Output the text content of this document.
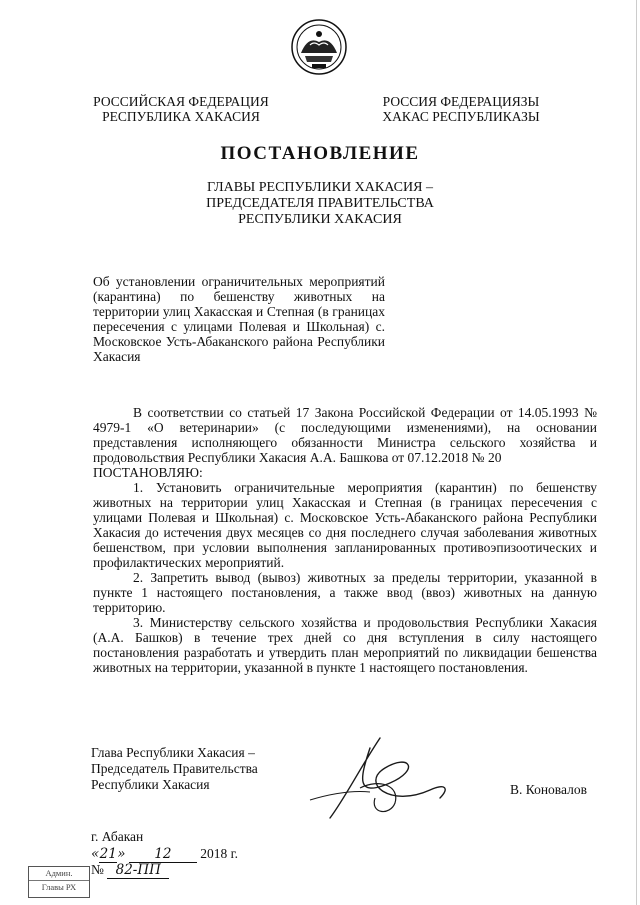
РОССИЙСКАЯ ФЕДЕРАЦИЯ
РЕСПУБЛИКА ХАКАСИЯ
РОССИЯ ФЕДЕРАЦИЯЗЫ
ХАКАС РЕСПУБЛИКАЗЫ
ПОСТАНОВЛЕНИЕ
ГЛАВЫ РЕСПУБЛИКИ ХАКАСИЯ –
ПРЕДСЕДАТЕЛЯ ПРАВИТЕЛЬСТВА
РЕСПУБЛИКИ ХАКАСИЯ
Об установлении ограничительных мероприятий (карантина) по бешенству животных на территории улиц Хакасская и Степная (в границах пересечения с улицами Полевая и Школьная) с. Московское Усть-Абаканского района Республики Хакасия

В соответствии со статьей 17 Закона Российской Федерации от 14.05.1993 № 4979-1 «О ветеринарии» (с последующими изменениями), на основании представления исполняющего обязанности Министра сельского хозяйства и продовольствия Республики Хакасия А.А. Башкова от 07.12.2018 № 20

ПОСТАНОВЛЯЮ:

1. Установить ограничительные мероприятия (карантин) по бешенству животных на территории улиц Хакасская и Степная (в границах пересечения с улицами Полевая и Школьная) с. Московское Усть-Абаканского района Республики Хакасия до истечения двух месяцев со дня последнего случая заболевания животных бешенством, при условии выполнения запланированных противоэпизоотических и профилактических мероприятий.

2. Запретить вывод (вывоз) животных за пределы территории, указанной в пункте 1 настоящего постановления, а также ввод (ввоз) животных на данную территорию.

3. Министерству сельского хозяйства и продовольствия Республики Хакасия (А.А. Башков) в течение трех дней со дня вступления в силу настоящего постановления разработать и утвердить план мероприятий по ликвидации бешенства животных на территории, указанной в пункте 1 настоящего постановления.

Глава Республики Хакасия –
Председатель Правительства
Республики Хакасия	В. Коновалов
г. Абакан
«21» 12 2018 г.
№ 82-ПП
Админ.
Главы РХ
